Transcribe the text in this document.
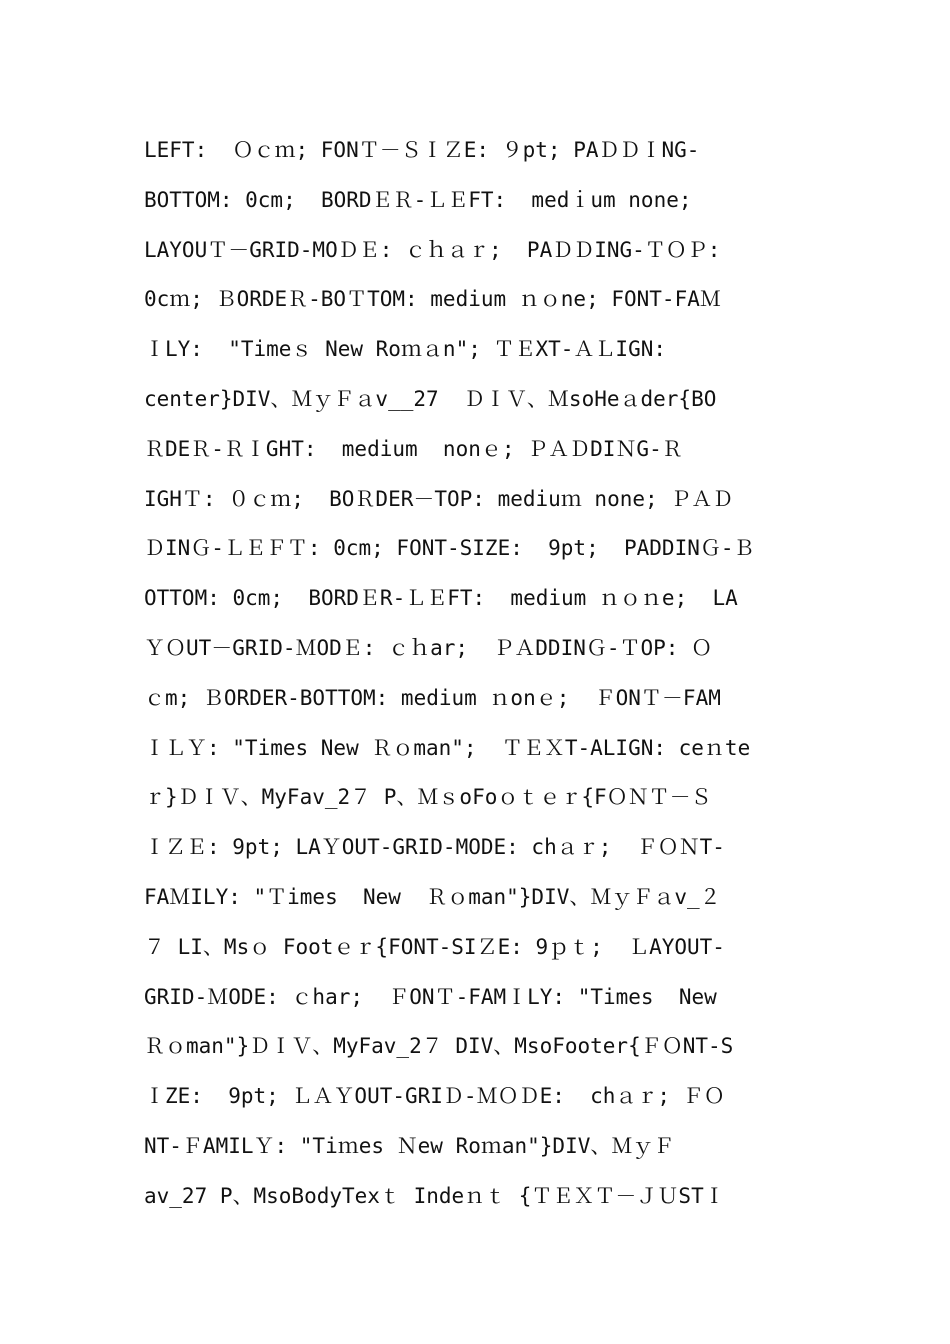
LEFT:  Ｏｃｍ; FONＴ－ＳＩＺE: ９pt; PAＤＤＩNG-
BOTTOM: 0cm;  BORDＥＲ-ＬＥFT:  medｉum none;
LAYOUＴ－GRID-MOＤＥ: ｃｈａｒ;  PAＤＤING-ＴＯＰ:
0cｍ; ＢORDEＲ-BOＴTOM: medium ｎｏne; FONT-FAＭ
ＩLY:  "Timeｓ New Roｍａn"; ＴＥXT-ＡＬIGN:
center}DIV、ＭｙＦａv__27  ＤＩＶ、ＭsoHeａder{BO
ＲDEＲ-ＲＩGHT:  medium  nonｅ; ＰＡＤDIＮG-Ｒ
IGHＴ: ０ｃｍ;  BOＲDER－TOP: mediuｍ none; ＰＡＤ
ＤINＧ-ＬＥＦＴ: 0cm; FONT-SIZE:  9pt;  PADDINＧ-Ｂ
OTTOM: 0cm;  BORDＥR-ＬＥFT:  medium ｎｏｎe;  LA
ＹＯUT－GRID-ＭODＥ: ｃｈar;  ＰＡDDINＧ-ＴOP: Ｏ
ｃm; ＢORDER-BOTTOM: medium ｎonｅ;  ＦONＴ－FAM
ＩＬＹ: "Times New Ｒｏman";  ＴＥＸT-ALIGN: ceｎte
ｒ}ＤＩＶ、MyFav_2７ P、ＭｓoFoｏｔｅｒ{FＯＮＴ－Ｓ
ＩＺＥ: 9pt; LAＹOUT-GRID-MODE: chａｒ;  ＦＯＮT-
FAＭILY: "Ｔimes  New  Ｒｏman"}DIV、ＭｙＦａv_２
７ LI、Msｏ Footｅｒ{FONT-SIＺE: 9ｐｔ;  ＬAYOUT-
GRID-ＭODE: ｃhar;  ＦONＴ-FAMＩLY: "Times  New
Ｒｏman"}ＤＩＶ、MyFav_2７ DIV、MsoFooter{ＦＯNT-S
ＩZE:  9pt; ＬＡＹOUT-GRIＤ-ＭＯＤE:  chａｒ; ＦＯ
NT-ＦAMILＹ: "Tiｍes Ｎew Roｍan"}DIV、ＭｙＦ
av_27 P、MsoBodyTexｔ Indeｎｔ {ＴＥＸＴ－ＪＵSTＩ
